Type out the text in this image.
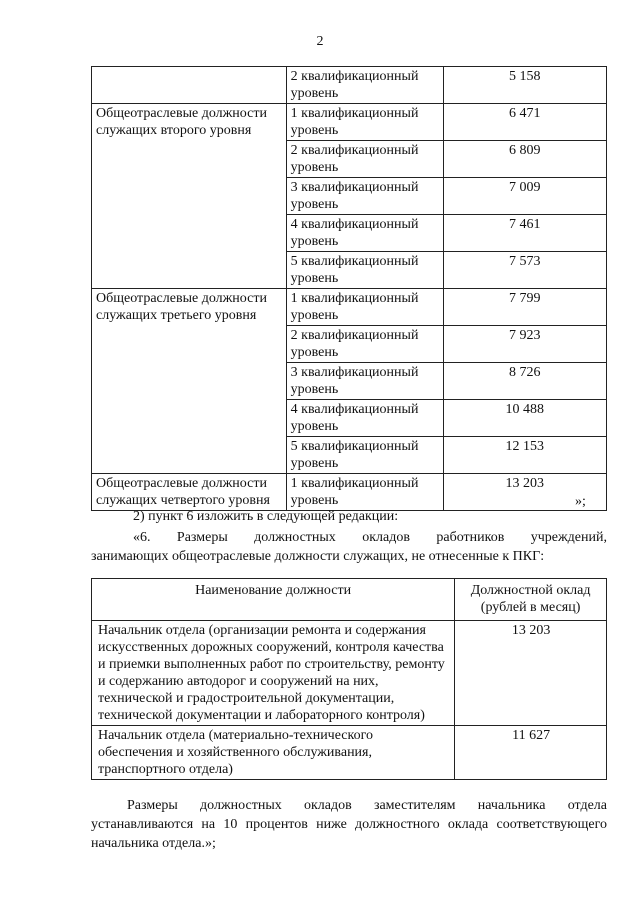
2
	2 квалификационный уровень	5 158
Общеотраслевые должности служащих второго уровня	1 квалификационный уровень	6 471
	2 квалификационный уровень	6 809
	3 квалификационный уровень	7 009
	4 квалификационный уровень	7 461
	5 квалификационный уровень	7 573
Общеотраслевые должности служащих третьего уровня	1 квалификационный уровень	7 799
	2 квалификационный уровень	7 923
	3 квалификационный уровень	8 726
	4 квалификационный уровень	10 488
	5 квалификационный уровень	12 153
Общеотраслевые должности служащих четвертого уровня	1 квалификационный уровень	13 203
»;
2) пункт 6 изложить в следующей редакции:
«6. Размеры должностных окладов работников учреждений,
занимающих общеотраслевые должности служащих, не отнесенные к ПКГ:
Наименование должности	Должностной оклад (рублей в месяц)
Начальник отдела (организации ремонта и содержания искусственных дорожных сооружений, контроля качества и приемки выполненных работ по строительству, ремонту и содержанию автодорог и сооружений на них, технической и градостроительной документации, технической документации и лабораторного контроля)	13 203
Начальник отдела (материально-технического обеспечения и хозяйственного обслуживания, транспортного отдела)	11 627
Размеры должностных окладов заместителям начальника отдела устанавливаются на 10 процентов ниже должностного оклада соответствующего начальника отдела.»;
